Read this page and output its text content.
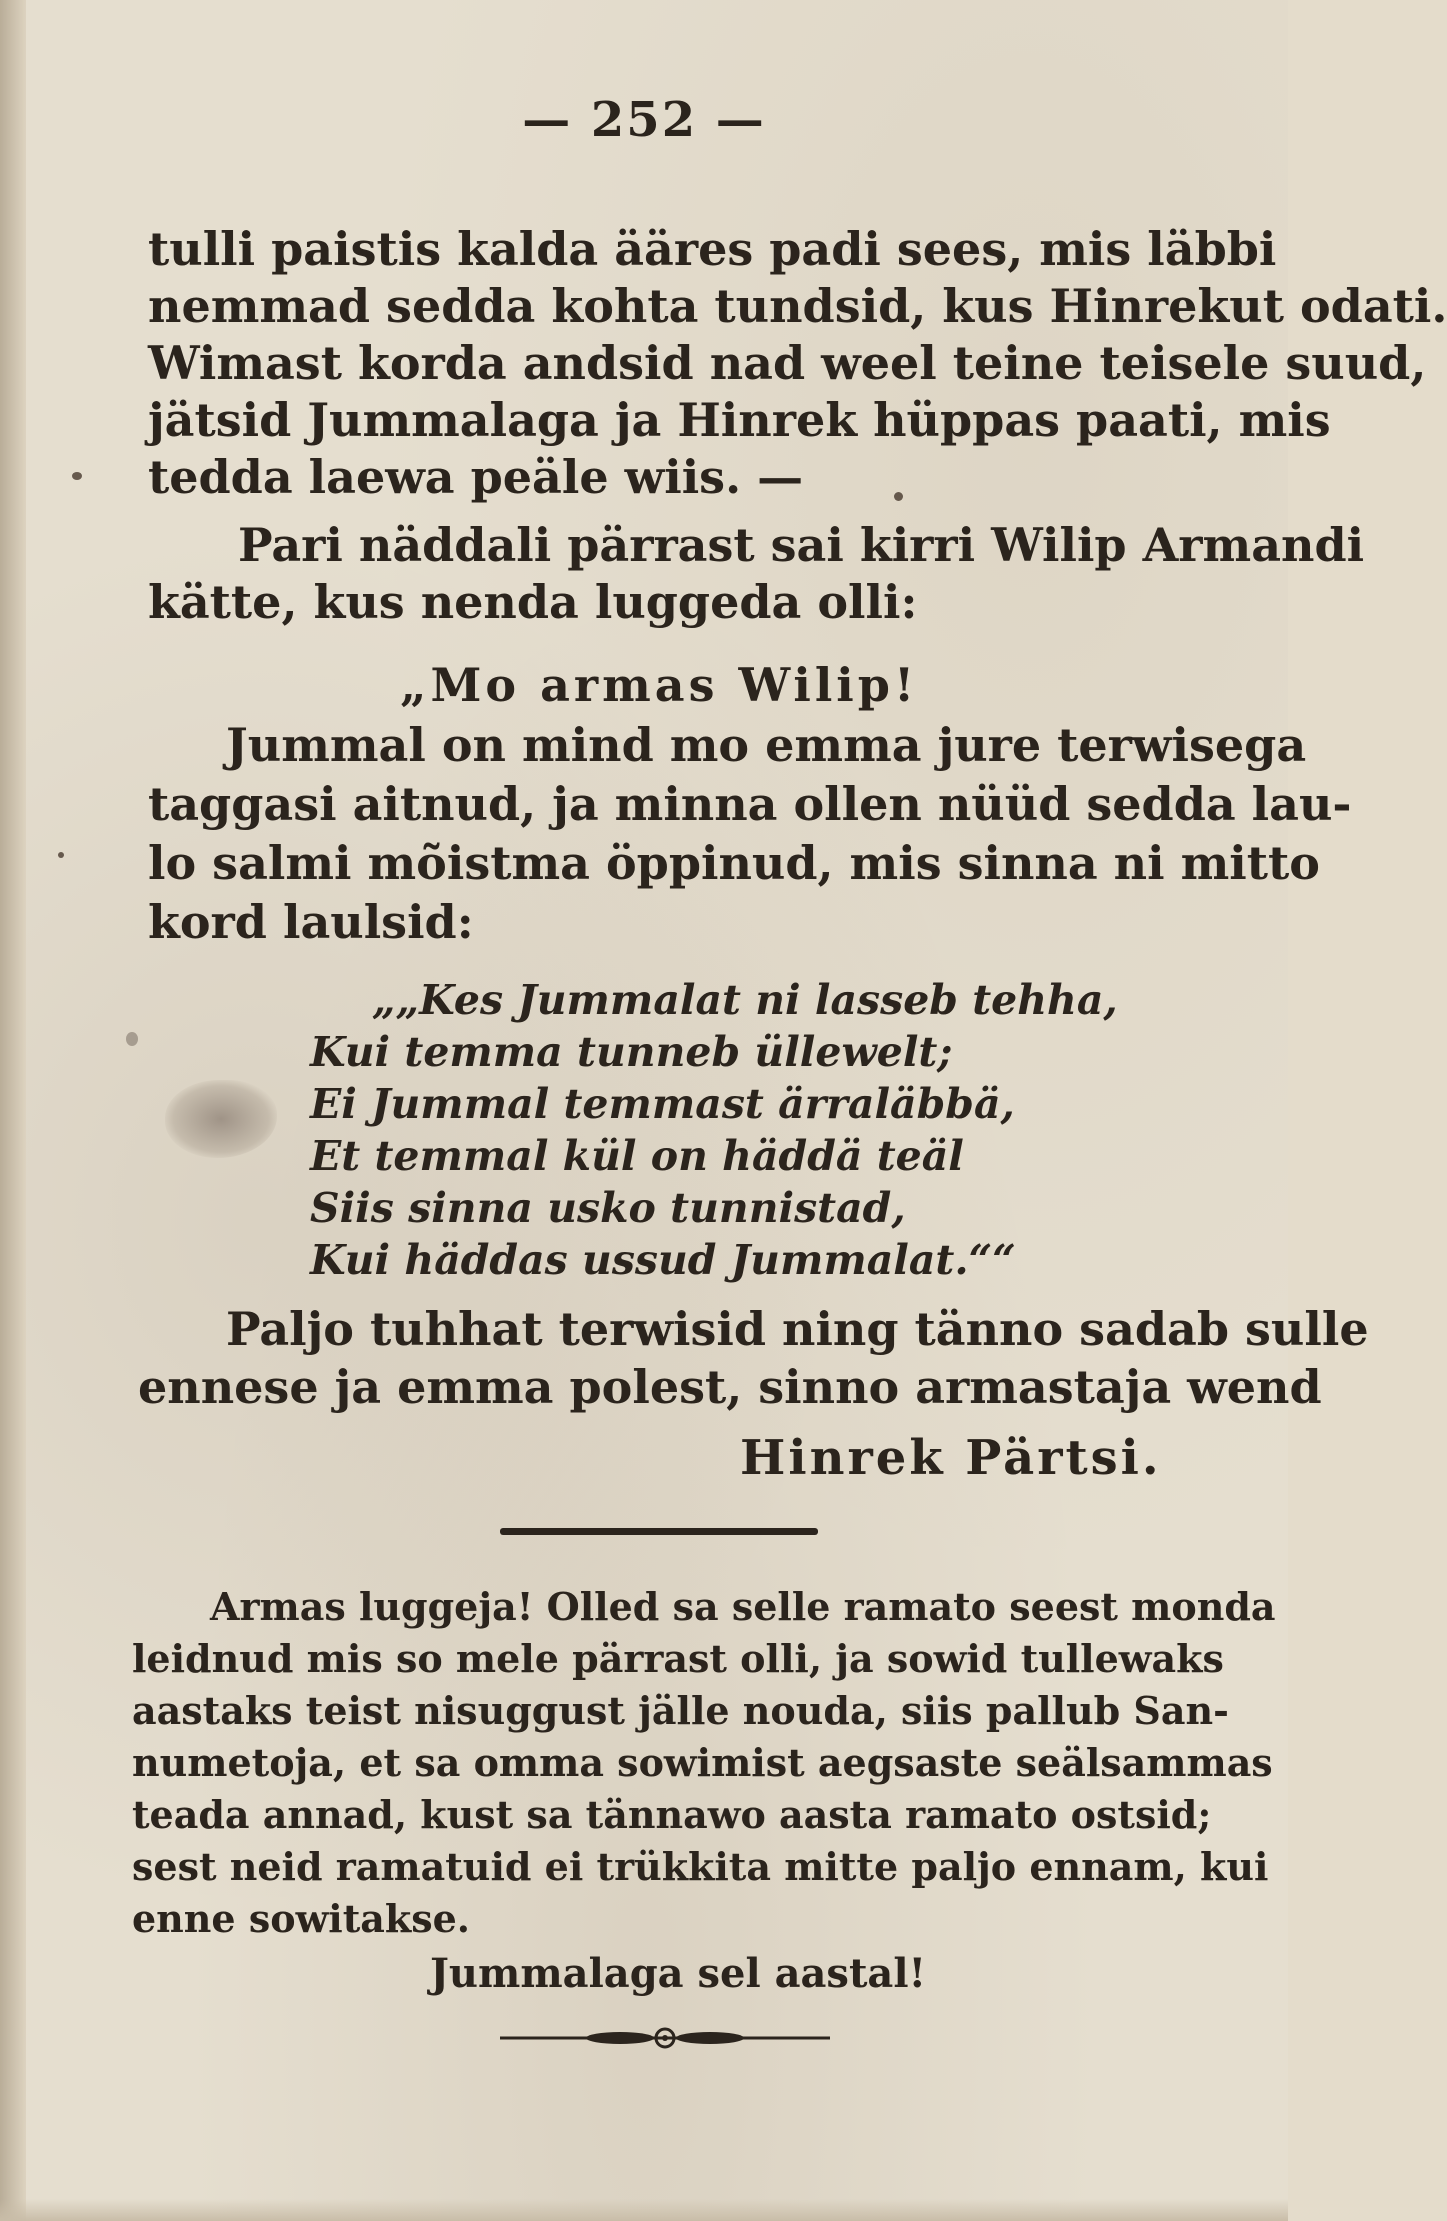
— 252 —
tulli paistis kalda ääres padi sees, mis läbbi
nemmad sedda kohta tundsid, kus Hinrekut odati.
Wimast korda andsid nad weel teine teisele suud,
jätsid Jummalaga ja Hinrek hüppas paati, mis
tedda laewa peäle wiis. —
Pari näddali pärrast sai kirri Wilip Armandi
kätte, kus nenda luggeda olli:
„Mo armas Wilip!
Jummal on mind mo emma jure terwisega
taggasi aitnud, ja minna ollen nüüd sedda lau-
lo salmi mõistma öppinud, mis sinna ni mitto
kord laulsid:
„„Kes Jummalat ni lasseb tehha,
Kui temma tunneb üllewelt;
Ei Jummal temmast ärraläbbä,
Et temmal kül on häddä teäl
Siis sinna usko tunnistad,
Kui häddas ussud Jummalat.““
Paljo tuhhat terwisid ning tänno sadab sulle
ennese ja emma polest, sinno armastaja wend
Hinrek Pärtsi.
Armas luggeja! Olled sa selle ramato seest monda
leidnud mis so mele pärrast olli, ja sowid tullewaks
aastaks teist nisuggust jälle nouda, siis pallub San-
numetoja, et sa omma sowimist aegsaste seälsammas
teada annad, kust sa tännawo aasta ramato ostsid;
sest neid ramatuid ei trükkita mitte paljo ennam, kui
enne sowitakse.
Jummalaga sel aastal!
